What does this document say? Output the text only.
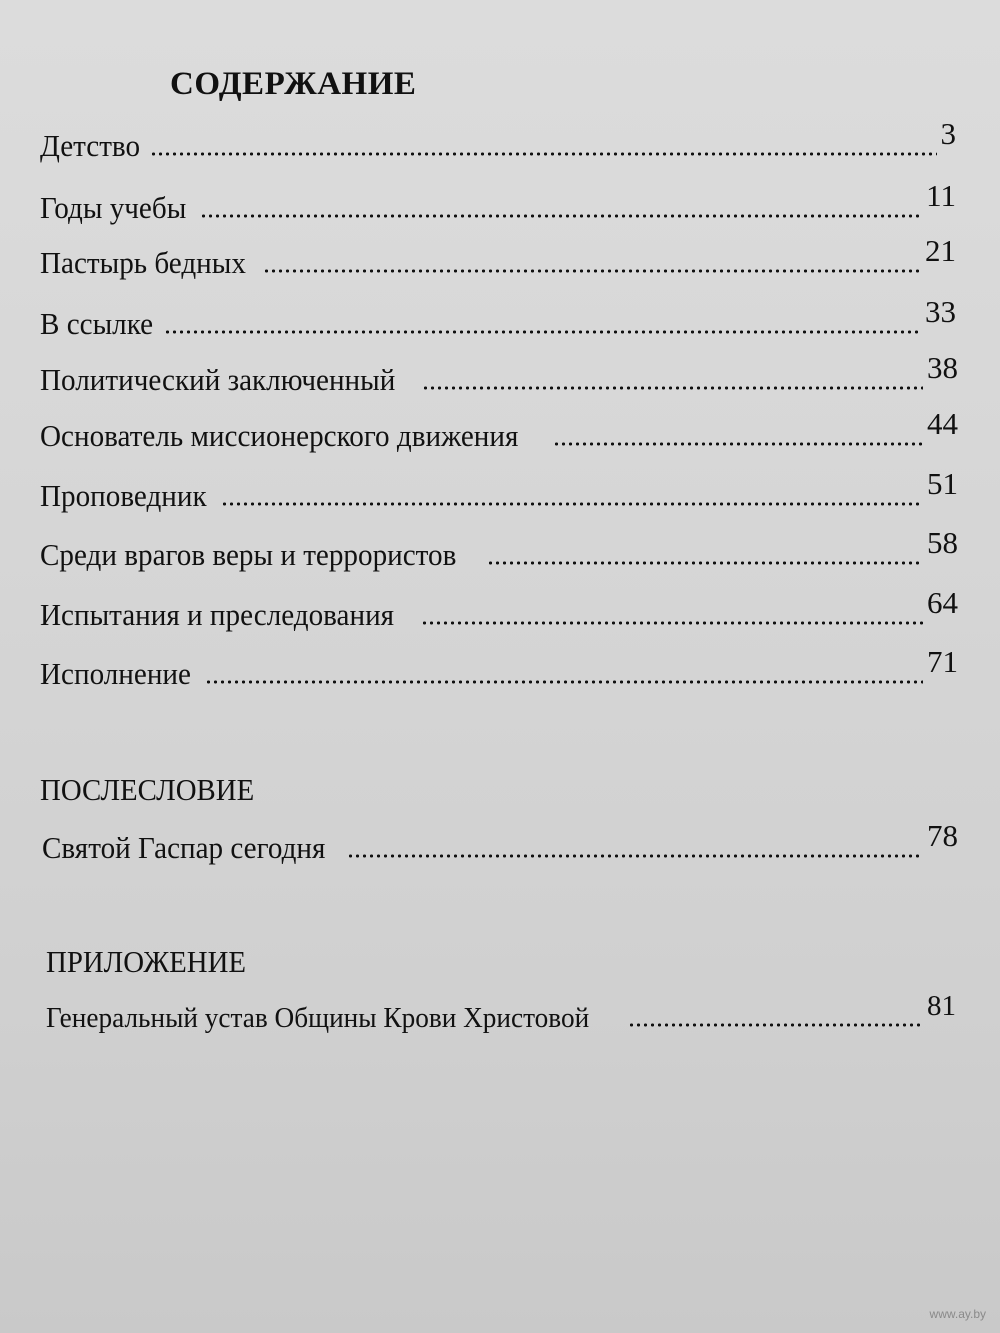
СОДЕРЖАНИЕ
Детство	3
Годы учебы	11
Пастырь бедных	21
В ссылке	33
Политический заключенный	38
Основатель миссионерского движения	44
Проповедник	51
Среди врагов веры и террористов	58
Испытания и преследования	64
Исполнение	71
ПОСЛЕСЛОВИЕ
Святой Гаспар сегодня	78
ПРИЛОЖЕНИЕ
Генеральный устав Общины Крови Христовой	81
www.ay.by
